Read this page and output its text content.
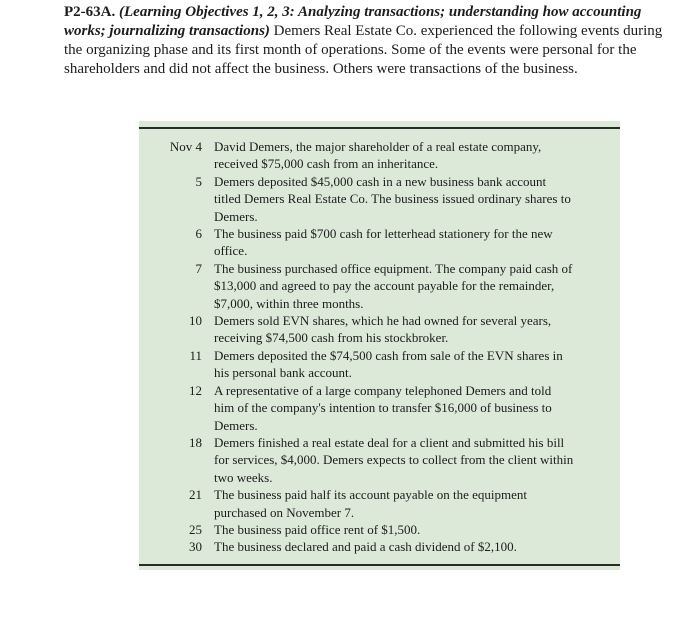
P2-63A. (Learning Objectives 1, 2, 3: Analyzing transactions; understanding how accounting works; journalizing transactions) Demers Real Estate Co. experienced the following events during the organizing phase and its first month of operations. Some of the events were personal for the shareholders and did not affect the business. Others were transactions of the business.
Nov 4 David Demers, the major shareholder of a real estate company, received $75,000 cash from an inheritance.
5 Demers deposited $45,000 cash in a new business bank account titled Demers Real Estate Co. The business issued ordinary shares to Demers.
6 The business paid $700 cash for letterhead stationery for the new office.
7 The business purchased office equipment. The company paid cash of $13,000 and agreed to pay the account payable for the remainder, $7,000, within three months.
10 Demers sold EVN shares, which he had owned for several years, receiving $74,500 cash from his stockbroker.
11 Demers deposited the $74,500 cash from sale of the EVN shares in his personal bank account.
12 A representative of a large company telephoned Demers and told him of the company's intention to transfer $16,000 of business to Demers.
18 Demers finished a real estate deal for a client and submitted his bill for services, $4,000. Demers expects to collect from the client within two weeks.
21 The business paid half its account payable on the equipment purchased on November 7.
25 The business paid office rent of $1,500.
30 The business declared and paid a cash dividend of $2,100.
